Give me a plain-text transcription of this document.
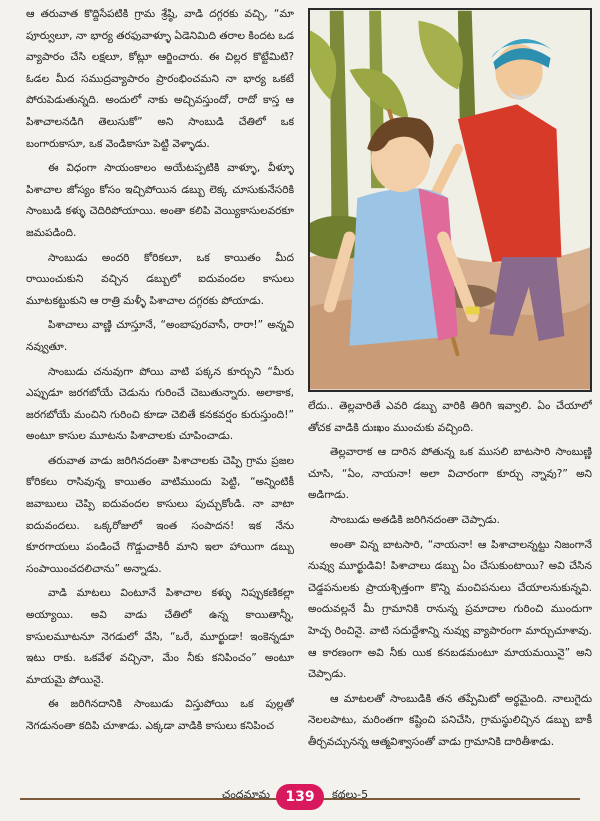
ఆ తరువాత కొద్దిసేపటికి గ్రామ శ్రేష్ఠి, వాడి దగ్గరకు వచ్చి, “మా పూర్వులూ, నా భార్య తరఫువాళ్ళూ ఏడెనిమిది తరాల కిందట ఒడ వ్యాపారం చేసి లక్షలూ, కోట్లూ ఆర్జించారు. ఈ చిల్లర కొట్టేమిటి? ఓడల మీద సముద్రవ్యాపారం ప్రారంభించమని నా భార్య ఒకటే పోరుపెడుతున్నది. అందులో నాకు అచ్చివస్తుందో, రాదో కాస్త ఆ పిశాచాలనడిగి తెలుసుకో” అని సాంబుడి చేతిలో ఒక బంగారుకాసూ, ఒక వెండికాసూ పెట్టి వెళ్ళాడు.

ఈ విధంగా సాయంకాలం అయేటప్పటికి వాళ్ళూ, వీళ్ళూ పిశాచాల జోస్యం కోసం ఇచ్చిపోయిన డబ్బు లెక్క చూసుకునేసరికి సాంబుడి కళ్ళు చెదిరిపోయాయి. అంతా కలిపి వెయ్యికాసులవరకూ జమపడింది.

సాంబుడు అందరి కోరికలూ, ఒక కాయితం మీద రాయించుకుని వచ్చిన డబ్బులో ఐదువందల కాసులు మూటకట్టుకుని ఆ రాత్రి మళ్ళీ పిశాచాల దగ్గరకు పోయాడు.

పిశాచాలు వాణ్ణి చూస్తూనే, “అంబాపురవాసీ, రారా!” అన్నవి నవ్వుతూ.

సాంబుడు చనువుగా పోయి వాటి పక్కన కూర్చుని “మీరు ఎప్పుడూ జరగబోయే చెడును గురించే చెబుతున్నారు. అలాకాక, జరగబోయే మంచిని గురించి కూడా చెబితే కనకవర్షం కురుస్తుంది!” అంటూ కాసుల మూటను పిశాచాలకు చూపించాడు.

తరువాత వాడు జరిగినదంతా పిశాచాలకు చెప్పి గ్రామ ప్రజల కోరికలు రాసివున్న కాయితం వాటిముందు పెట్టి, “అన్నింటికీ జవాబులు చెప్పి ఐదువందల కాసులు పుచ్చుకోండి. నా వాటా ఐదువందలు. ఒక్కరోజులో ఇంత సంపాదన! ఇక నేను కూరగాయలు పండించే గొడ్డుచాకిరీ మాని ఇలా హాయిగా డబ్బు సంపాయించదలిచాను” అన్నాడు.

వాడి మాటలు వింటూనే పిశాచాల కళ్ళు నిప్పుకణికల్లా అయ్యాయి. అవి వాడు చేతిలో ఉన్న కాయితాన్నీ, కాసులమూటనూ నెగడులో వేసి, “ఒరే, మూర్ఖుడా! ఇంకెన్నడూ ఇటు రాకు. ఒకవేళ వచ్చినా, మేం నీకు కనిపించం” అంటూ మాయమై పోయినై.

ఈ జరిగినదానికి సాంబుడు విస్తుపోయి ఒక పుల్లతో నెగడునంతా కదిపి చూశాడు. ఎక్కడా వాడికి కాసులు కనిపించ

లేదు.. తెల్లవారితే ఎవరి డబ్బు వారికి తిరిగి ఇవ్వాలి. ఏం చేయాలో తోచక వాడికి దుఃఖం ముంచుకు వచ్చింది.

తెల్లవారాక ఆ దారిన పోతున్న ఒక ముసలి బాటసారి సాంబుణ్ణి చూసి, “ఏం, నాయనా! అలా విచారంగా కూర్చు న్నావు?” అని అడిగాడు.

సాంబుడు అతడికి జరిగినదంతా చెప్పాడు.

అంతా విన్న బాటసారి, “నాయనా! ఆ పిశాచాలన్నట్టు నిజంగానే నువ్వు మూర్ఖుడివి! పిశాచాలు డబ్బు ఏం చేసుకుంటాయి? అవి చేసిన చెడ్డపనులకు ప్రాయశ్చిత్తంగా కొన్ని మంచిపనులు చేయాలనుకున్నవి. అందువల్లనే మీ గ్రామానికి రానున్న ప్రమాదాల గురించి ముందుగా హెచ్చ రించినై. వాటి సదుద్దేశాన్ని నువ్వు వ్యాపారంగా మార్చుచూశావు. ఆ కారణంగా అవి నీకు యిక కనబడమంటూ మాయమయినై” అని చెప్పాడు.

ఆ మాటలతో సాంబుడికి తన తప్పేమిటో అర్థమైంది. నాలుగైదు నెలలపాటు, మరింతగా కష్టించి పనిచేసి, గ్రామస్థులిచ్చిన డబ్బు బాకీ తీర్చవచ్చునన్న ఆత్మవిశ్వాసంతో వాడు గ్రామానికి దారితీశాడు.

చందమామ 139 కథలు-5
